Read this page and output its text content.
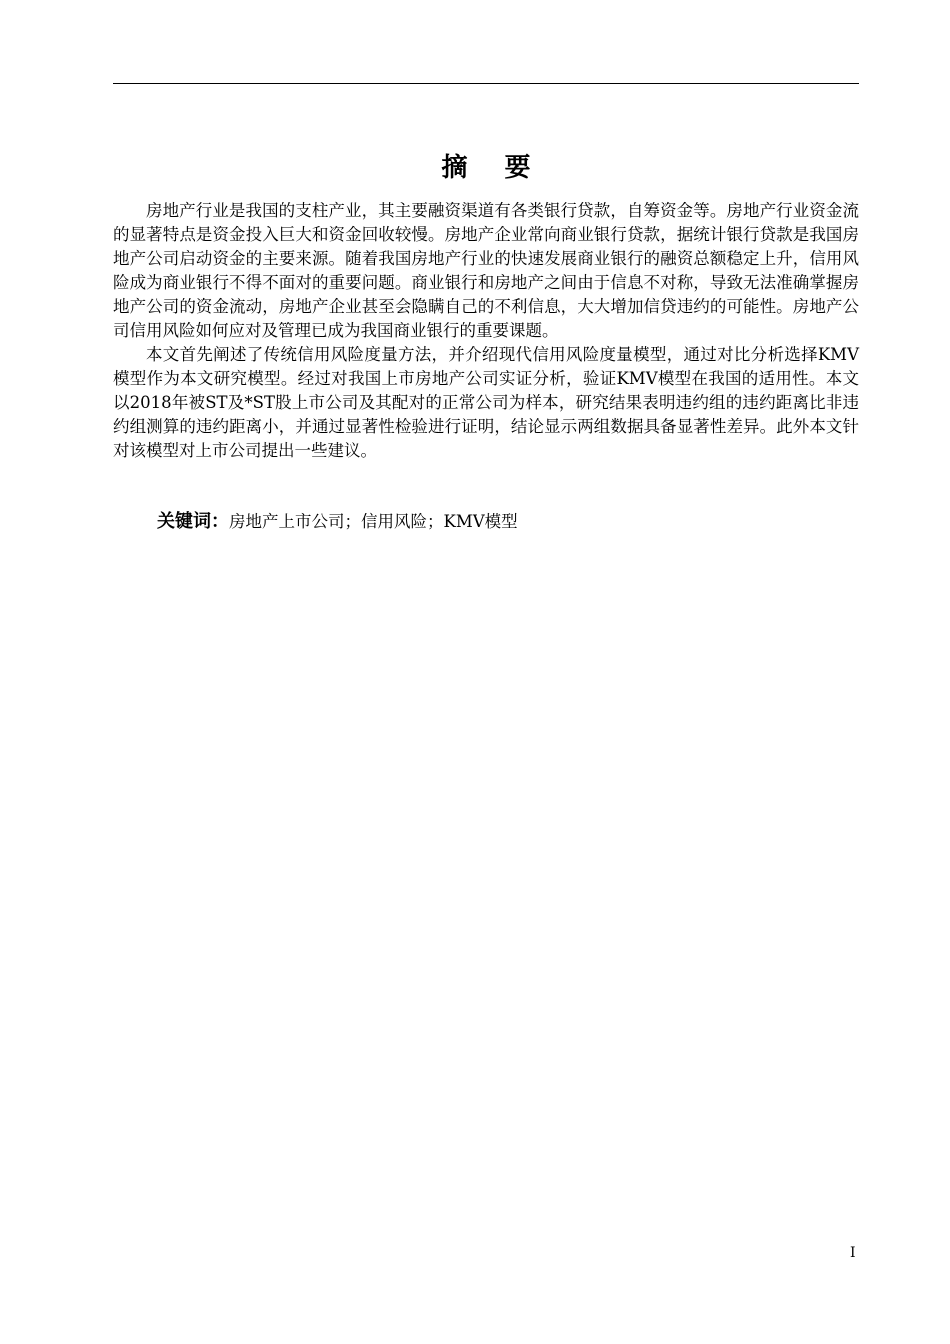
摘 要

房地产行业是我国的支柱产业，其主要融资渠道有各类银行贷款，自筹资金等。房地产行业资金流的显著特点是资金投入巨大和资金回收较慢。房地产企业常向商业银行贷款，据统计银行贷款是我国房地产公司启动资金的主要来源。随着我国房地产行业的快速发展商业银行的融资总额稳定上升，信用风险成为商业银行不得不面对的重要问题。商业银行和房地产之间由于信息不对称，导致无法准确掌握房地产公司的资金流动，房地产企业甚至会隐瞒自己的不利信息，大大增加信贷违约的可能性。房地产公司信用风险如何应对及管理已成为我国商业银行的重要课题。

本文首先阐述了传统信用风险度量方法，并介绍现代信用风险度量模型，通过对比分析选择KMV模型作为本文研究模型。经过对我国上市房地产公司实证分析，验证KMV模型在我国的适用性。本文以2018年被ST及*ST股上市公司及其配对的正常公司为样本，研究结果表明违约组的违约距离比非违约组测算的违约距离小，并通过显著性检验进行证明，结论显示两组数据具备显著性差异。此外本文针对该模型对上市公司提出一些建议。

关键词：房地产上市公司；信用风险；KMV模型
I
